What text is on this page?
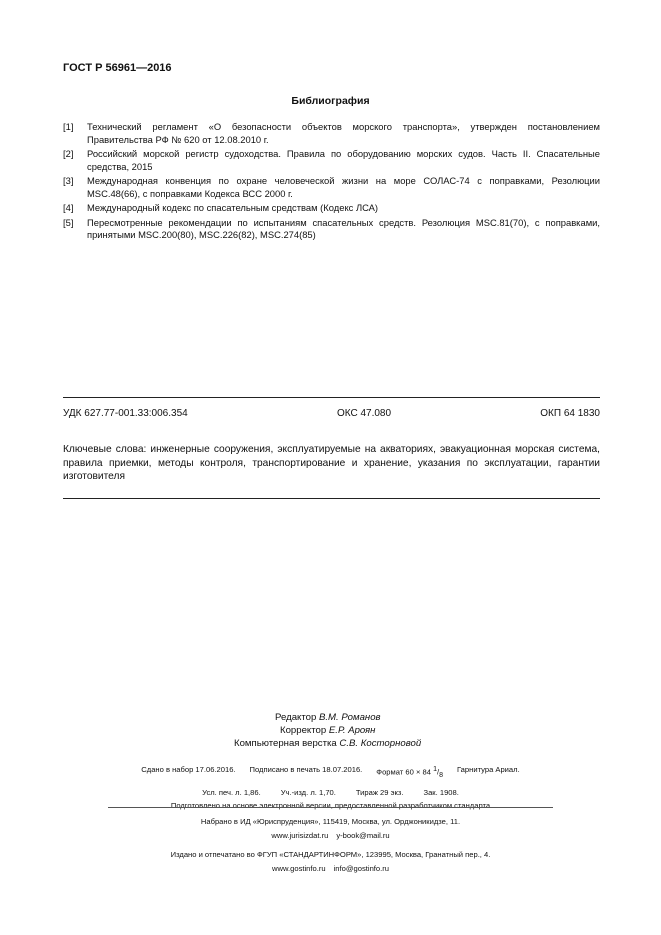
ГОСТ Р 56961—2016
Библиография
[1]	Технический регламент «О безопасности объектов морского транспорта», утвержден постановлением Правительства РФ № 620 от 12.08.2010 г.
[2]	Российский морской регистр судоходства. Правила по оборудованию морских судов. Часть II. Спасательные средства, 2015
[3]	Международная конвенция по охране человеческой жизни на море СОЛАС-74 с поправками, Резолюции MSC.48(66), с поправками Кодекса ВСС 2000 г.
[4]	Международный кодекс по спасательным средствам (Кодекс ЛСА)
[5]	Пересмотренные рекомендации по испытаниям спасательных средств. Резолюция MSC.81(70), с поправками, принятыми MSC.200(80), MSC.226(82), MSC.274(85)
УДК 627.77-001.33:006.354	ОКС 47.080	ОКП 64 1830
Ключевые слова: инженерные сооружения, эксплуатируемые на акваториях, эвакуационная морская система, правила приемки, методы контроля, транспортирование и хранение, указания по эксплуатации, гарантии изготовителя
Редактор В.М. Романов
Корректор Е.Р. Ароян
Компьютерная верстка С.В. Косторновой
Сдано в набор 17.06.2016. Подписано в печать 18.07.2016. Формат 60 × 84 $^1/_8$
Гарнитура Ариал.
Усл. печ. л. 1,86.	Уч.-изд. л. 1,70.	Тираж 29 экз.	Зак. 1908.
Подготовлено на основе электронной версии, предоставленной разработчиком стандарта
Набрано в ИД «Юриспруденция», 115419, Москва, ул. Орджоникидзе, 11.
www.jurisizdat.ru y-book@mail.ru
Издано и отпечатано во ФГУП «СТАНДАРТИНФОРМ», 123995, Москва, Гранатный пер., 4.
www.gostinfo.ru info@gostinfo.ru
